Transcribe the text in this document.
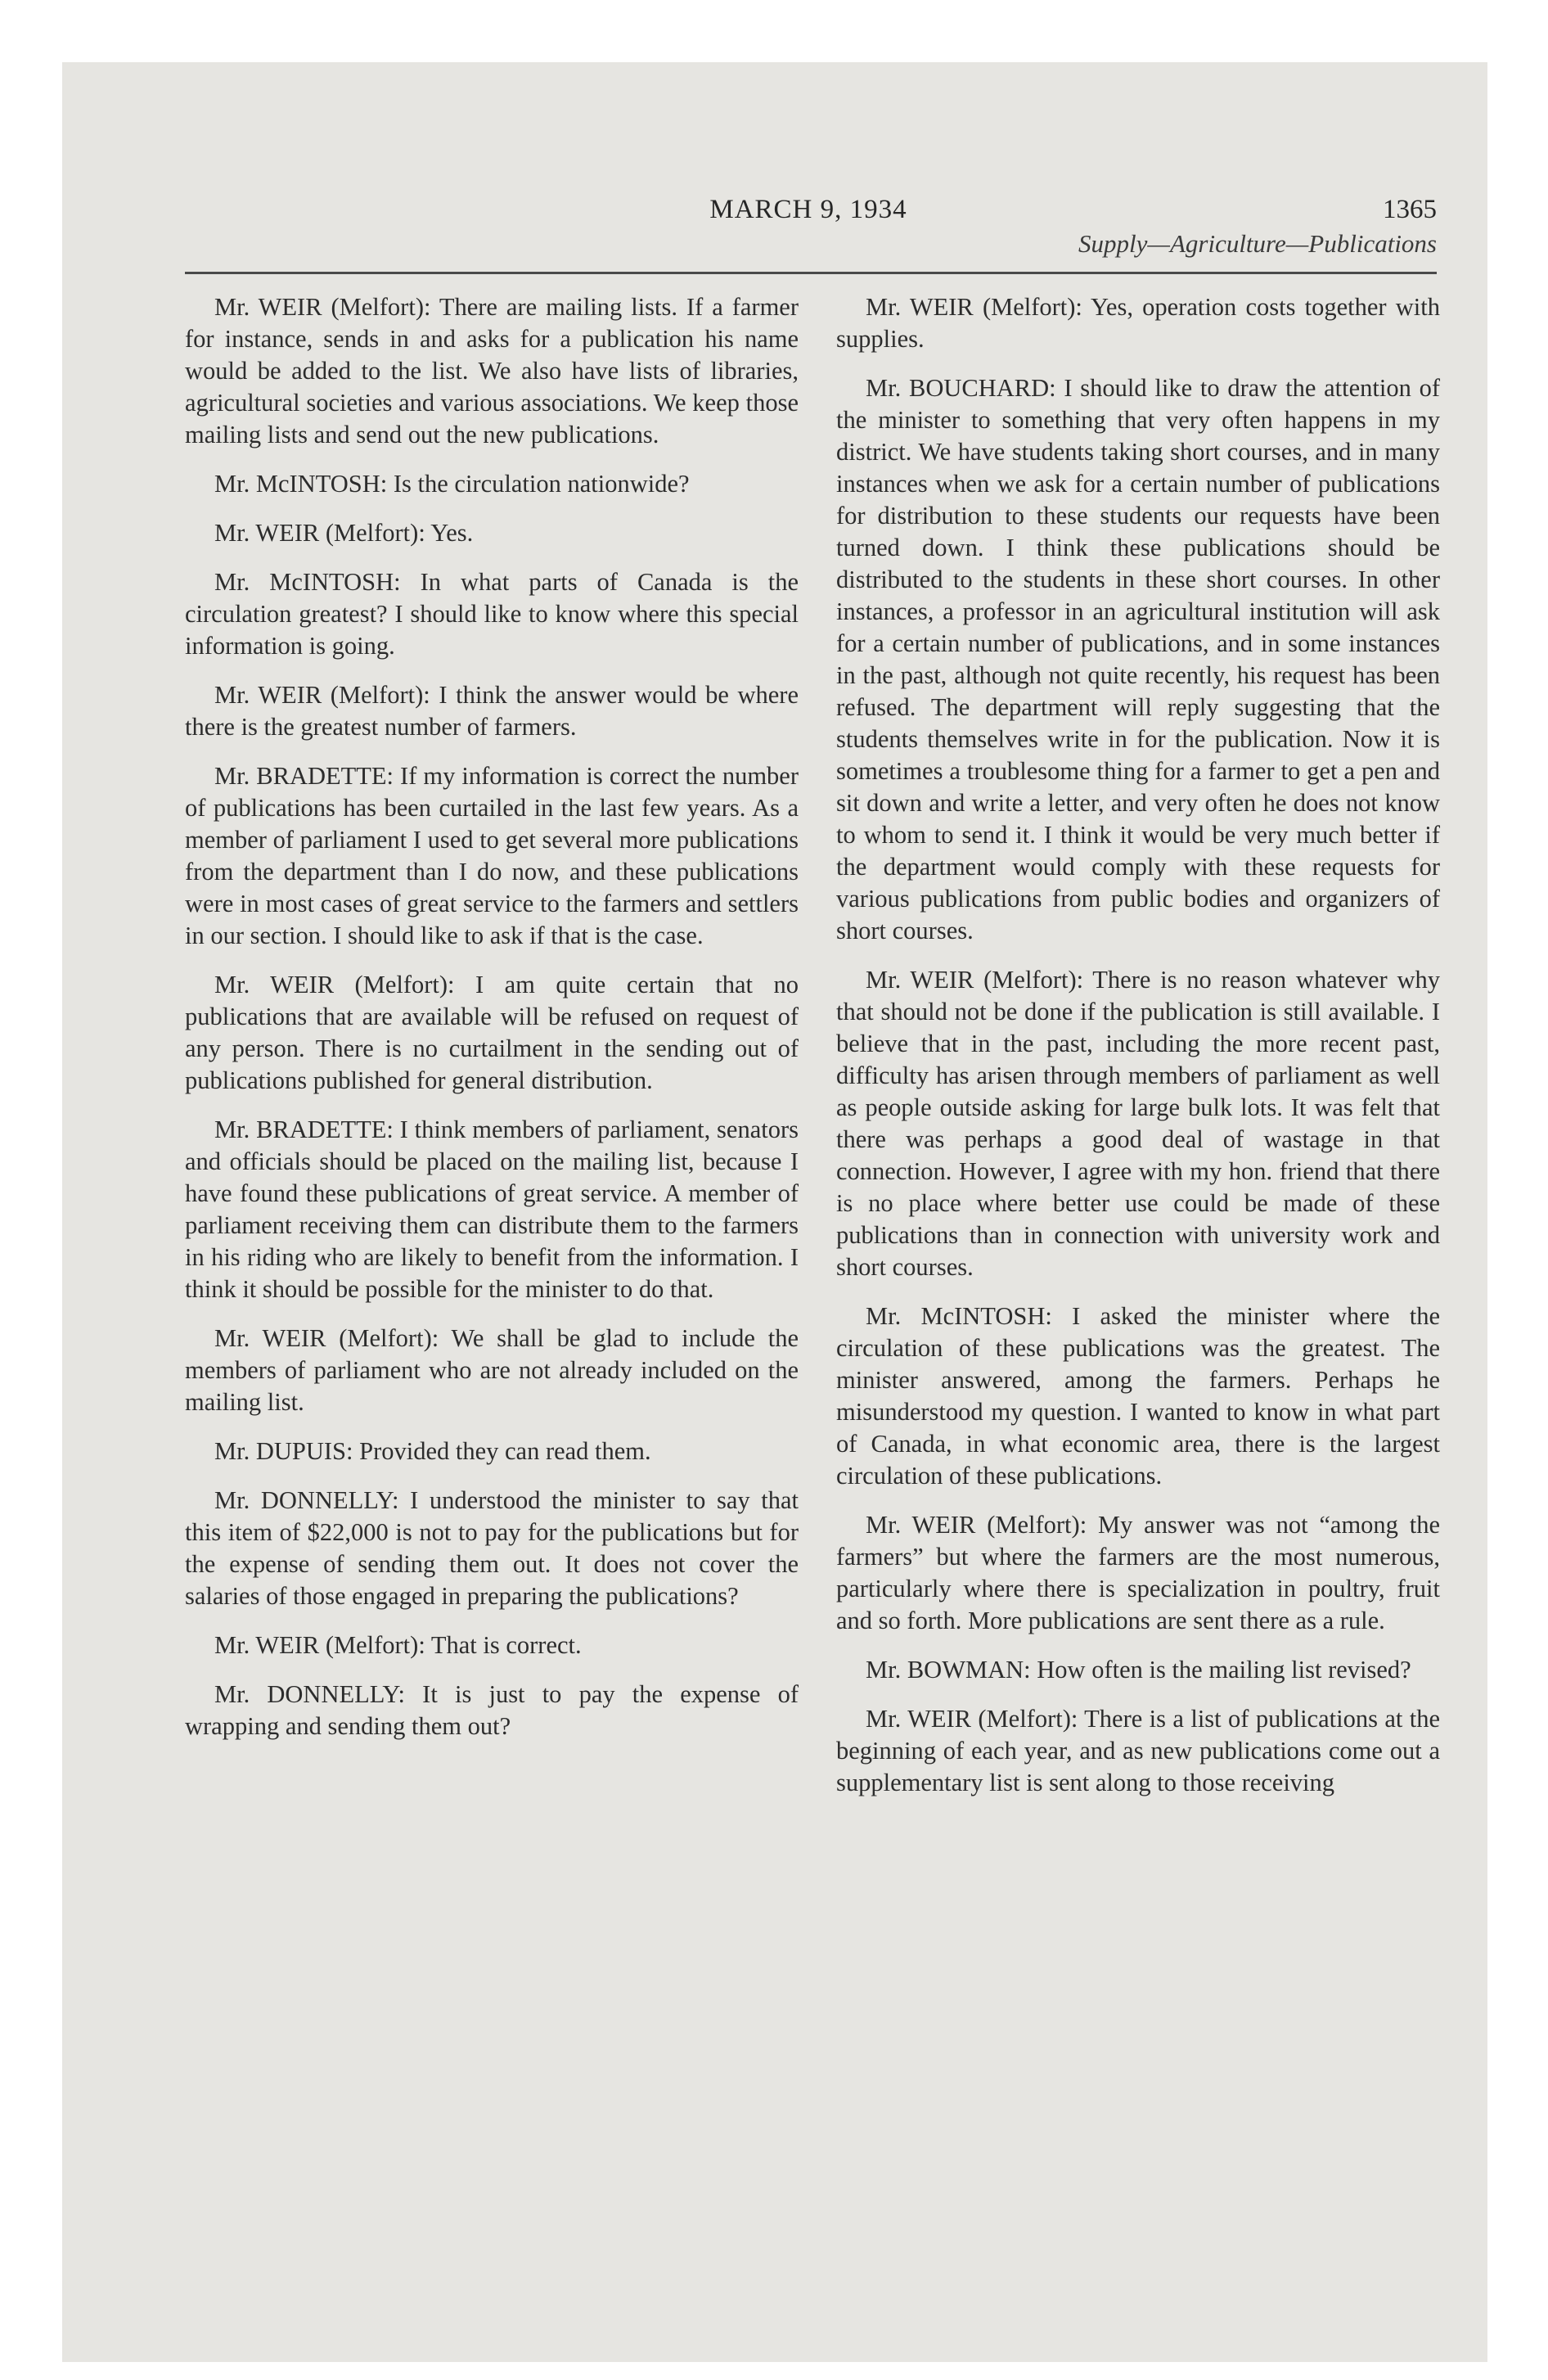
MARCH 9, 1934	1365
Supply—Agriculture—Publications

Mr. WEIR (Melfort): There are mailing lists. If a farmer for instance, sends in and asks for a publication his name would be added to the list. We also have lists of libraries, agricultural societies and various associations. We keep those mailing lists and send out the new publications.

Mr. McINTOSH: Is the circulation nationwide?

Mr. WEIR (Melfort): Yes.

Mr. McINTOSH: In what parts of Canada is the circulation greatest? I should like to know where this special information is going.

Mr. WEIR (Melfort): I think the answer would be where there is the greatest number of farmers.

Mr. BRADETTE: If my information is correct the number of publications has been curtailed in the last few years. As a member of parliament I used to get several more publications from the department than I do now, and these publications were in most cases of great service to the farmers and settlers in our section. I should like to ask if that is the case.

Mr. WEIR (Melfort): I am quite certain that no publications that are available will be refused on request of any person. There is no curtailment in the sending out of publications published for general distribution.

Mr. BRADETTE: I think members of parliament, senators and officials should be placed on the mailing list, because I have found these publications of great service. A member of parliament receiving them can distribute them to the farmers in his riding who are likely to benefit from the information. I think it should be possible for the minister to do that.

Mr. WEIR (Melfort): We shall be glad to include the members of parliament who are not already included on the mailing list.

Mr. DUPUIS: Provided they can read them.

Mr. DONNELLY: I understood the minister to say that this item of $22,000 is not to pay for the publications but for the expense of sending them out. It does not cover the salaries of those engaged in preparing the publications?

Mr. WEIR (Melfort): That is correct.

Mr. DONNELLY: It is just to pay the expense of wrapping and sending them out?

Mr. WEIR (Melfort): Yes, operation costs together with supplies.

Mr. BOUCHARD: I should like to draw the attention of the minister to something that very often happens in my district. We have students taking short courses, and in many instances when we ask for a certain number of publications for distribution to these students our requests have been turned down. I think these publications should be distributed to the students in these short courses. In other instances, a professor in an agricultural institution will ask for a certain number of publications, and in some instances in the past, although not quite recently, his request has been refused. The department will reply suggesting that the students themselves write in for the publication. Now it is sometimes a troublesome thing for a farmer to get a pen and sit down and write a letter, and very often he does not know to whom to send it. I think it would be very much better if the department would comply with these requests for various publications from public bodies and organizers of short courses.

Mr. WEIR (Melfort): There is no reason whatever why that should not be done if the publication is still available. I believe that in the past, including the more recent past, difficulty has arisen through members of parliament as well as people outside asking for large bulk lots. It was felt that there was perhaps a good deal of wastage in that connection. However, I agree with my hon. friend that there is no place where better use could be made of these publications than in connection with university work and short courses.

Mr. McINTOSH: I asked the minister where the circulation of these publications was the greatest. The minister answered, among the farmers. Perhaps he misunderstood my question. I wanted to know in what part of Canada, in what economic area, there is the largest circulation of these publications.

Mr. WEIR (Melfort): My answer was not “among the farmers” but where the farmers are the most numerous, particularly where there is specialization in poultry, fruit and so forth. More publications are sent there as a rule.

Mr. BOWMAN: How often is the mailing list revised?

Mr. WEIR (Melfort): There is a list of publications at the beginning of each year, and as new publications come out a supplementary list is sent along to those receiving
